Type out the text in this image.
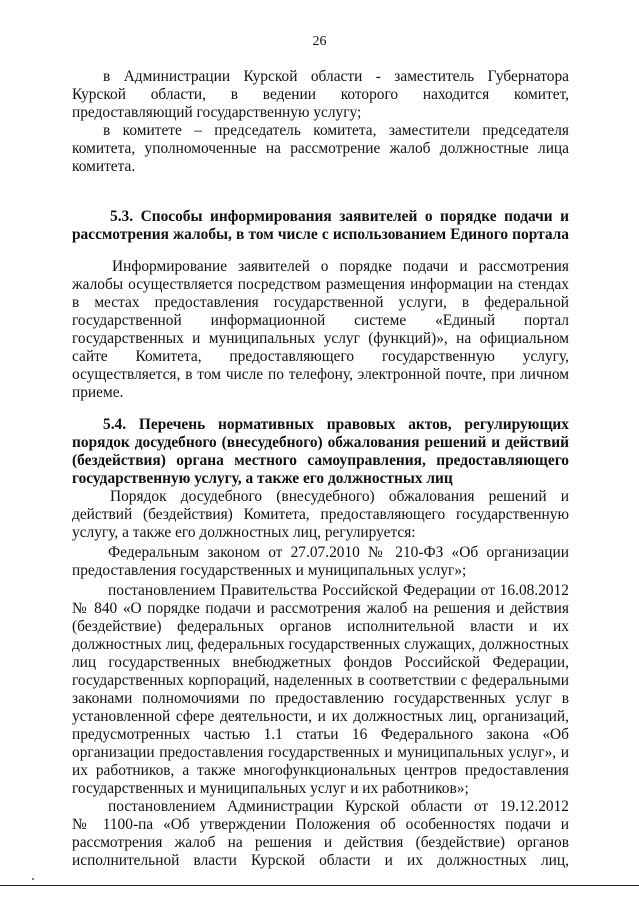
26
в Администрации Курской области - заместитель Губернатора
Курской области, в ведении которого находится комитет,
предоставляющий государственную услугу;
в комитете – председатель комитета, заместители председателя
комитета, уполномоченные на рассмотрение жалоб должностные лица
комитета.
5.3. Способы информирования заявителей о порядке подачи и
рассмотрения жалобы, в том числе с использованием Единого портала
Информирование заявителей о порядке подачи и рассмотрения
жалобы осуществляется посредством размещения информации на стендах
в местах предоставления государственной услуги, в федеральной
государственной информационной системе «Единый портал
государственных и муниципальных услуг (функций)», на официальном
сайте Комитета, предоставляющего государственную услугу,
осуществляется, в том числе по телефону, электронной почте, при личном
приеме.
5.4. Перечень нормативных правовых актов, регулирующих
порядок досудебного (внесудебного) обжалования решений и действий
(бездействия) органа местного самоуправления, предоставляющего
государственную услугу, а также его должностных лиц
Порядок досудебного (внесудебного) обжалования решений и
действий (бездействия) Комитета, предоставляющего государственную
услугу, а также его должностных лиц, регулируется:
Федеральным законом от 27.07.2010 № 210-ФЗ «Об организации
предоставления государственных и муниципальных услуг»;
постановлением Правительства Российской Федерации от 16.08.2012
№ 840 «О порядке подачи и рассмотрения жалоб на решения и действия
(бездействие) федеральных органов исполнительной власти и их
должностных лиц, федеральных государственных служащих, должностных
лиц государственных внебюджетных фондов Российской Федерации,
государственных корпораций, наделенных в соответствии с федеральными
законами полномочиями по предоставлению государственных услуг в
установленной сфере деятельности, и их должностных лиц, организаций,
предусмотренных частью 1.1 статьи 16 Федерального закона «Об
организации предоставления государственных и муниципальных услуг», и
их работников, а также многофункциональных центров предоставления
государственных и муниципальных услуг и их работников»;
постановлением Администрации Курской области от 19.12.2012
№ 1100-па «Об утверждении Положения об особенностях подачи и
рассмотрения жалоб на решения и действия (бездействие) органов
исполнительной власти Курской области и их должностных лиц,
